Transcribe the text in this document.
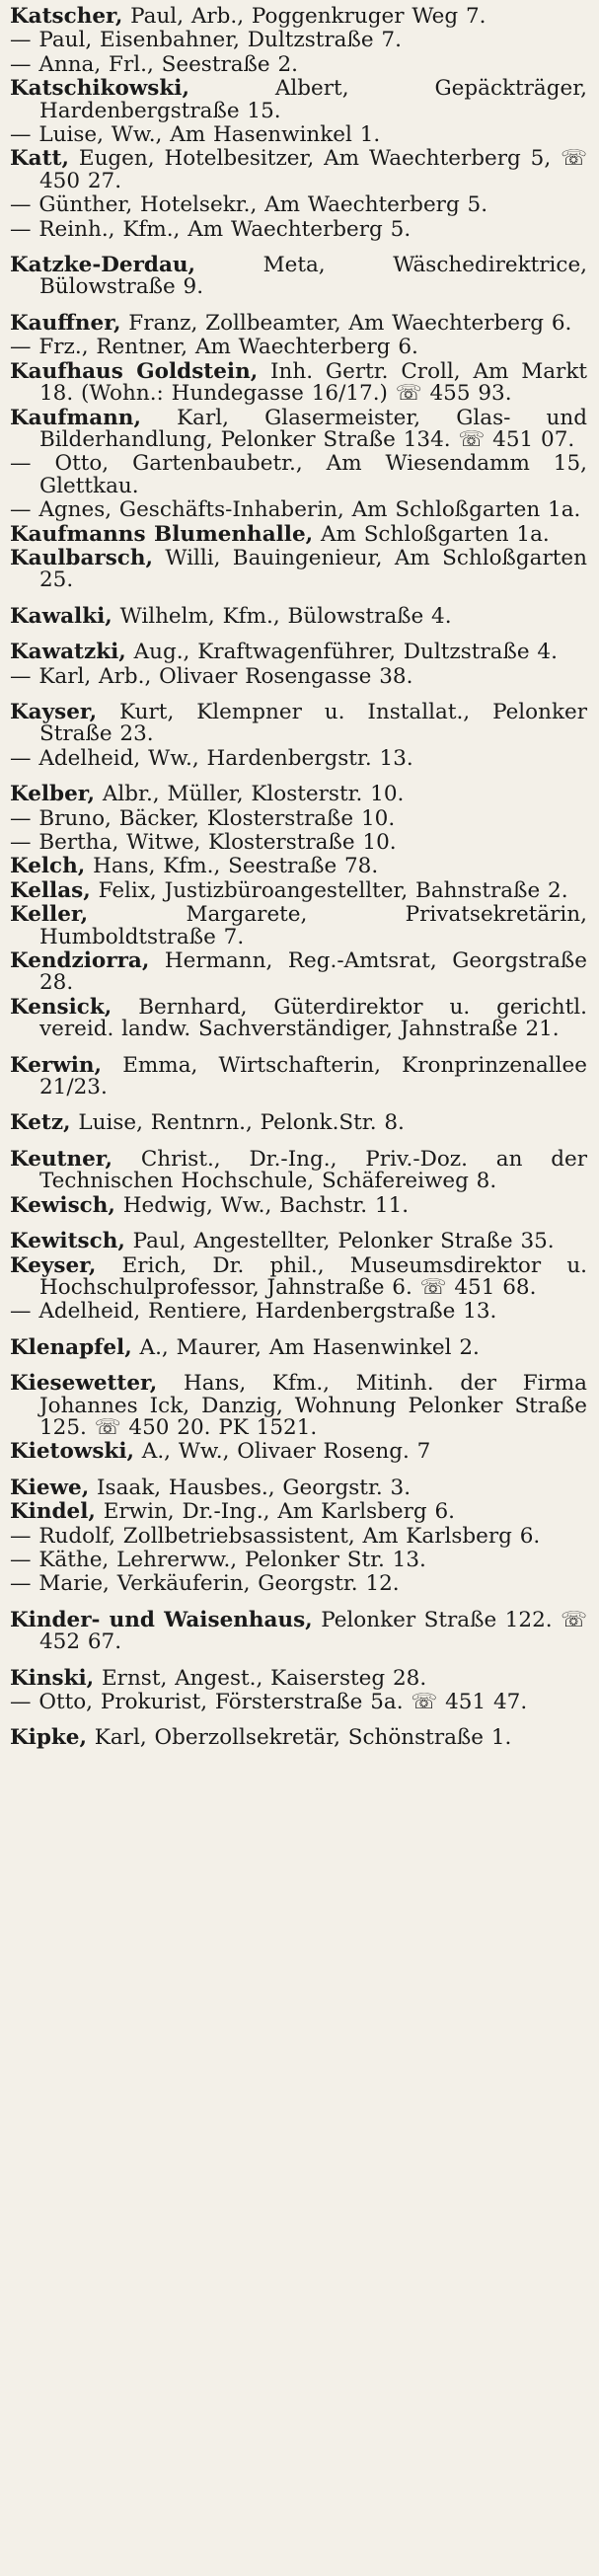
Katscher, Paul, Arb., Poggenkruger Weg 7.
— Paul, Eisenbahner, Dultzstraße 7.
— Anna, Frl., Seestraße 2.
Katschikowski, Albert, Gepäckträger, Hardenbergstraße 15.
— Luise, Ww., Am Hasenwinkel 1.
Katt, Eugen, Hotelbesitzer, Am Waechterberg 5, ☏ 450 27.
— Günther, Hotelsekr., Am Waechterberg 5.
— Reinh., Kfm., Am Waechterberg 5.
Katzke-Derdau, Meta, Wäschedirektrice, Bülowstraße 9.
Kauffner, Franz, Zollbeamter, Am Waechterberg 6.
— Frz., Rentner, Am Waechterberg 6.
Kaufhaus Goldstein, Inh. Gertr. Croll, Am Markt 18. (Wohn.: Hundegasse 16/17.) ☏ 455 93.
Kaufmann, Karl, Glasermeister, Glas- und Bilderhandlung, Pelonker Straße 134. ☏ 451 07.
— Otto, Gartenbaubetr., Am Wiesendamm 15, Glettkau.
— Agnes, Geschäfts-Inhaberin, Am Schloßgarten 1a.
Kaufmanns Blumenhalle, Am Schloßgarten 1a.
Kaulbarsch, Willi, Bauingenieur, Am Schloßgarten 25.
Kawalki, Wilhelm, Kfm., Bülowstraße 4.
Kawatzki, Aug., Kraftwagenführer, Dultzstraße 4.
— Karl, Arb., Olivaer Rosengasse 38.
Kayser, Kurt, Klempner u. Installat., Pelonker Straße 23.
— Adelheid, Ww., Hardenbergstr. 13.
Kelber, Albr., Müller, Klosterstr. 10.
— Bruno, Bäcker, Klosterstraße 10.
— Bertha, Witwe, Klosterstraße 10.
Kelch, Hans, Kfm., Seestraße 78.
Kellas, Felix, Justizbüroangestellter, Bahnstraße 2.
Keller, Margarete, Privatsekretärin, Humboldtstraße 7.
Kendziorra, Hermann, Reg.-Amtsrat, Georgstraße 28.
Kensick, Bernhard, Güterdirektor u. gerichtl. vereid. landw. Sachverständiger, Jahnstraße 21.
Kerwin, Emma, Wirtschafterin, Kronprinzenallee 21/23.
Ketz, Luise, Rentnrn., Pelonk.Str. 8.
Keutner, Christ., Dr.-Ing., Priv.-Doz. an der Technischen Hochschule, Schäfereiweg 8.
Kewisch, Hedwig, Ww., Bachstr. 11.
Kewitsch, Paul, Angestellter, Pelonker Straße 35.
Keyser, Erich, Dr. phil., Museumsdirektor u. Hochschulprofessor, Jahnstraße 6. ☏ 451 68.
— Adelheid, Rentiere, Hardenbergstraße 13.
Klenapfel, A., Maurer, Am Hasenwinkel 2.
Kiesewetter, Hans, Kfm., Mitinh. der Firma Johannes Ick, Danzig, Wohnung Pelonker Straße 125. ☏ 450 20. PK 1521.
Kietowski, A., Ww., Olivaer Roseng. 7
Kiewe, Isaak, Hausbes., Georgstr. 3.
Kindel, Erwin, Dr.-Ing., Am Karlsberg 6.
— Rudolf, Zollbetriebsassistent, Am Karlsberg 6.
— Käthe, Lehrerww., Pelonker Str. 13.
— Marie, Verkäuferin, Georgstr. 12.
Kinder- und Waisenhaus, Pelonker Straße 122. ☏ 452 67.
Kinski, Ernst, Angest., Kaisersteg 28.
— Otto, Prokurist, Försterstraße 5a. ☏ 451 47.
Kipke, Karl, Oberzollsekretär, Schönstraße 1.
